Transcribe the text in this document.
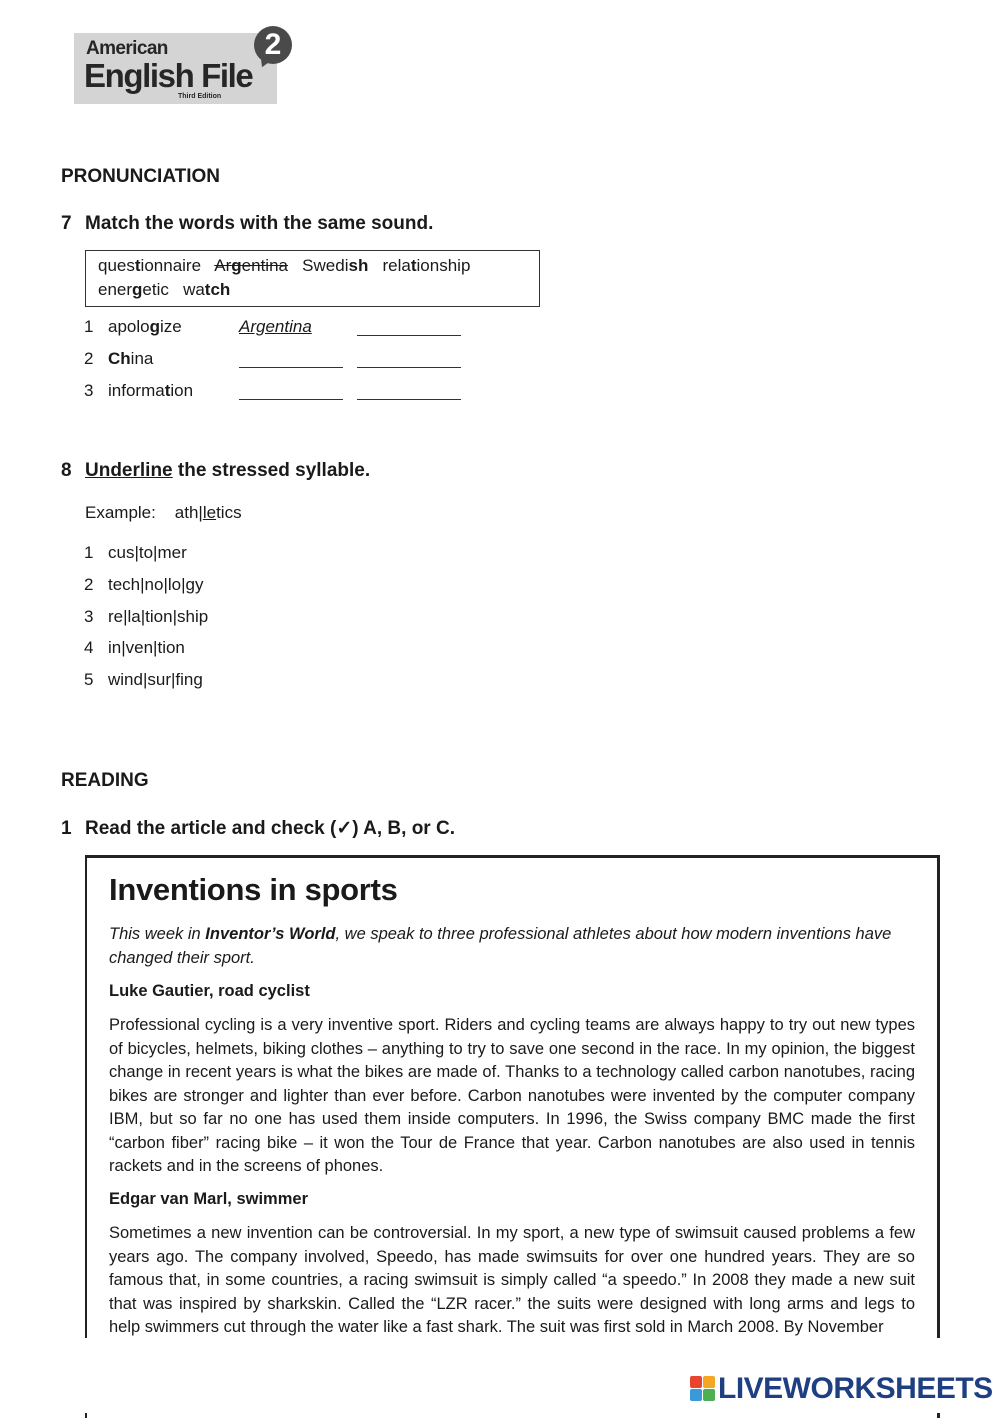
American
English File
Third Edition
2
PRONUNCIATION
7 Match the words with the same sound.
questionnaire Argentina Swedish relationship
energetic watch
1 apologize	Argentina
2 China
3 information
8 Underline the stressed syllable.
Example: ath|letics
1 cus|to|mer
2 tech|no|lo|gy
3 re|la|tion|ship
4 in|ven|tion
5 wind|sur|fing
READING
1 Read the article and check (✓) A, B, or C.
Inventions in sports
This week in Inventor’s World, we speak to three professional athletes about how modern inventions have changed their sport.
Luke Gautier, road cyclist
Professional cycling is a very inventive sport. Riders and cycling teams are always happy to try out new types of bicycles, helmets, biking clothes – anything to try to save one second in the race. In my opinion, the biggest change in recent years is what the bikes are made of. Thanks to a technology called carbon nanotubes, racing bikes are stronger and lighter than ever before. Carbon nanotubes were invented by the computer company IBM, but so far no one has used them inside computers. In 1996, the Swiss company BMC made the first “carbon fiber” racing bike – it won the Tour de France that year. Carbon nanotubes are also used in tennis rackets and in the screens of phones.
Edgar van Marl, swimmer
Sometimes a new invention can be controversial. In my sport, a new type of swimsuit caused problems a few years ago. The company involved, Speedo, has made swimsuits for over one hundred years. They are so famous that, in some countries, a racing swimsuit is simply called “a speedo.” In 2008 they made a new suit that was inspired by sharkskin. Called the “LZR racer.” the suits were designed with long arms and legs to help swimmers cut through the water like a fast shark. The suit was first sold in March 2008. By November
LIVEWORKSHEETS
